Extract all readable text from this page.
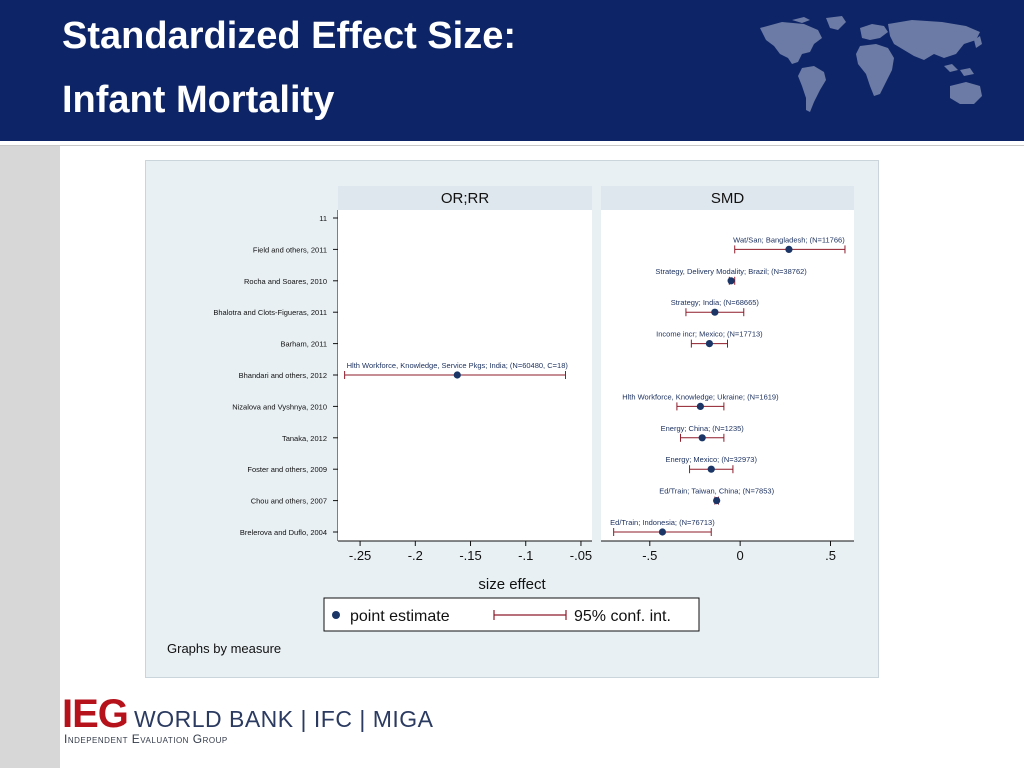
Standardized Effect Size:
Infant Mortality
11
Field and others, 2011
Rocha and Soares, 2010
Bhalotra and Clots-Figueras, 2011
Barham, 2011
Bhandari and others, 2012
Nizalova and Vyshnya, 2010
Tanaka, 2012
Foster and others, 2009
Chou and others, 2007
Brelerova and Duflo, 2004
OR;RR
-.25	-.2	-.15	-.1	-.05
Hlth Workforce, Knowledge, Service Pkgs; India; (N=60480, C=18)
SMD
-.5	0	.5
Wat/San; Bangladesh; (N=11766)
Strategy, Delivery Modality; Brazil; (N=38762)
Strategy; India; (N=68665)
Income incr; Mexico; (N=17713)
Hlth Workforce, Knowledge; Ukraine; (N=1619)
Energy; China; (N=1235)
Energy; Mexico; (N=32973)
Ed/Train; Taiwan, China; (N=7853)
Ed/Train; Indonesia; (N=76713)
size effect
point estimate	95% conf. int.
Graphs by measure
IEG
Independent Evaluation Group
WORLD BANK | IFC | MIGA
